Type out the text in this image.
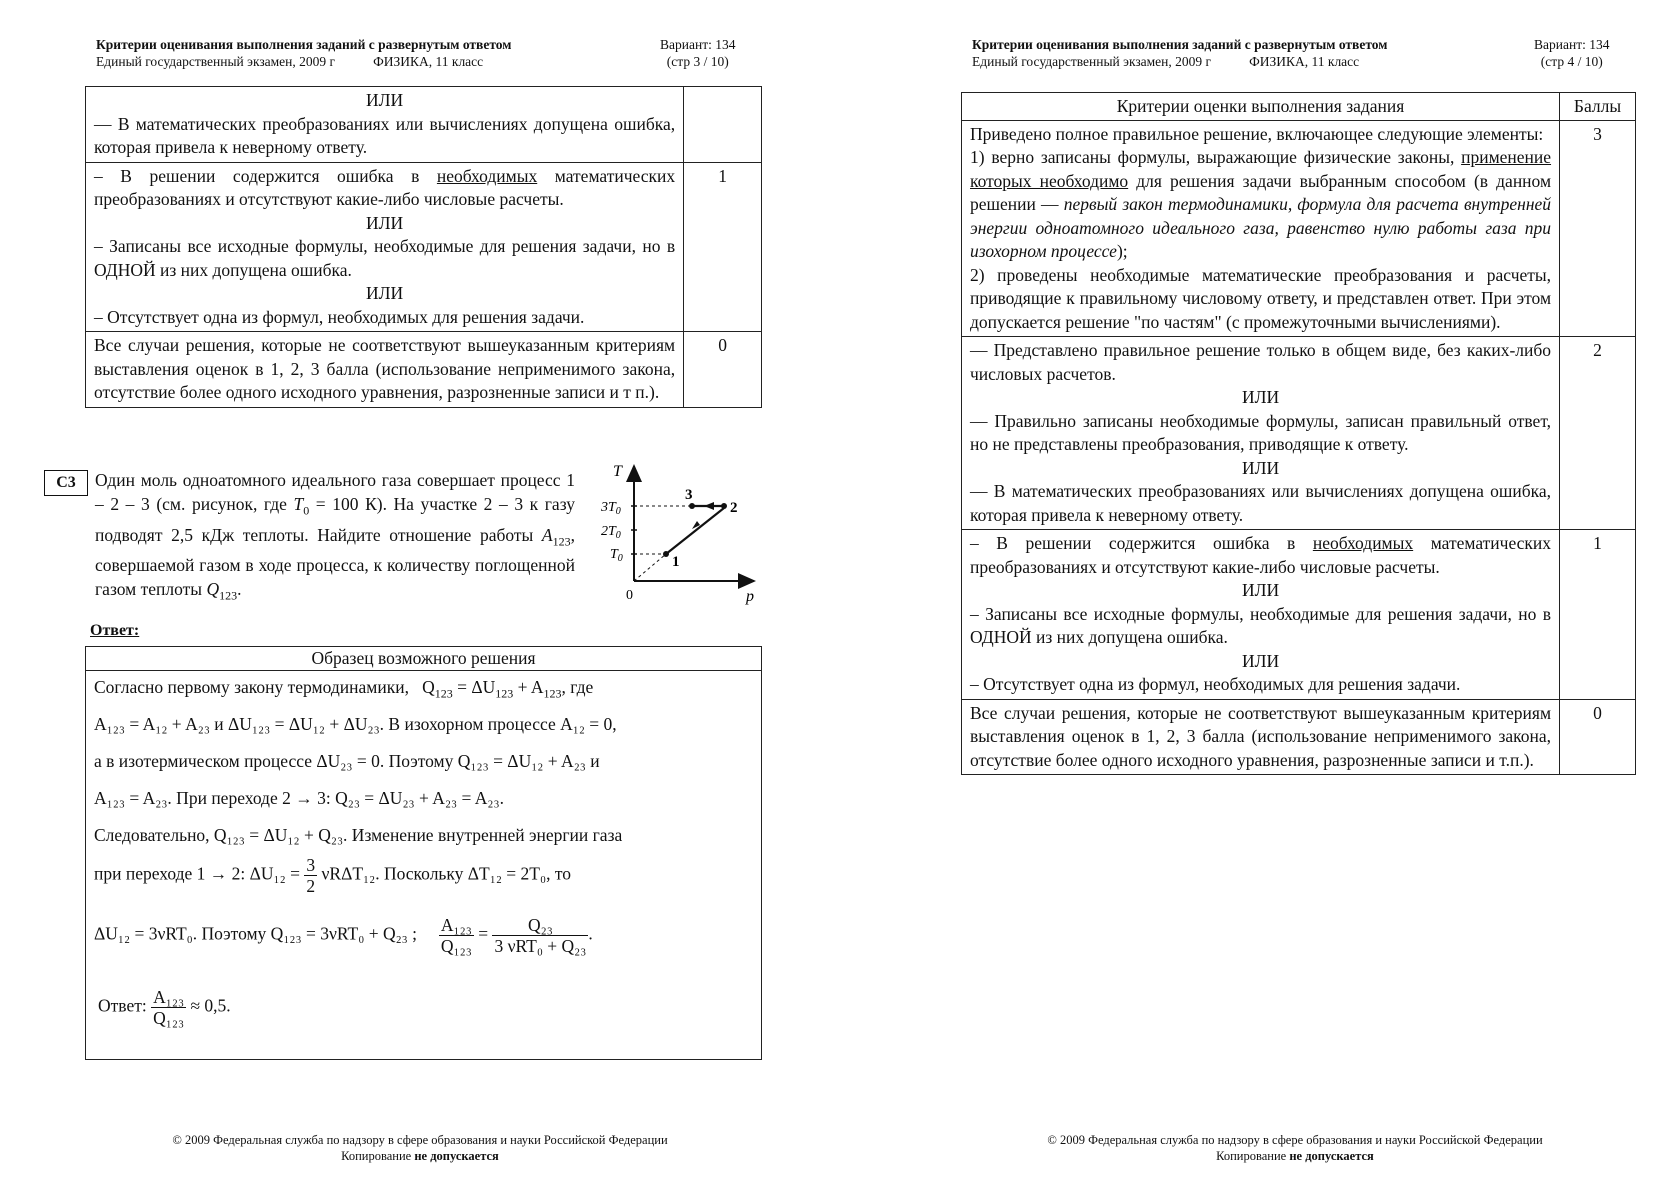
Критерии оценивания выполнения заданий с развернутым ответом
Единый государственный экзамен, 2009 г	ФИЗИКА, 11 класс
Вариант: 134
(стр 3 / 10)
ИЛИ
— В математических преобразованиях или вычислениях допущена ошибка, которая привела к неверному ответу.	

– В решении содержится ошибка в необходимых математических преобразованиях и отсутствуют какие-либо числовые расчеты.
ИЛИ
– Записаны все исходные формулы, необходимые для решения задачи, но в ОДНОЙ из них допущена ошибка.
ИЛИ
– Отсутствует одна из формул, необходимых для решения задачи.	1
Все случаи решения, которые не соответствуют вышеуказанным критериям выставления оценок в 1, 2, 3 балла (использование неприменимого закона, отсутствие более одного исходного уравнения, разрозненные записи и т п.).	0
C3	Один моль одноатомного идеального газа совершает процесс 1 – 2 – 3 (см. рисунок, где $T_0 = 100$ К). На участке 2 – 3 к газу подводят 2,5 кДж теплоты. Найдите отношение работы $A_{123}$, совершаемой газом в ходе процесса, к количеству поглощенной газом теплоты $Q_{123}$.
T
p
0
$3T_0$
$2T_0$
$T_0$	1
2
3
Ответ:
Образец возможного решения
Согласно первому закону термодинамики, $Q_{123} = \Delta U_{123} + A_{123}$, где
A₁₂₃ = A₁₂ + A₂₃ и ΔU₁₂₃ = ΔU₁₂ + ΔU₂₃. В изохорном процессе A₁₂ = 0,
а в изотермическом процессе ΔU₂₃ = 0. Поэтому Q₁₂₃ = ΔU₁₂ + A₂₃ и
A₁₂₃ = A₂₃. При переходе 2 → 3: Q₂₃ = ΔU₂₃ + A₂₃ = A₂₃.
Следовательно, Q₁₂₃ = ΔU₁₂ + Q₂₃. Изменение внутренней энергии газа
при переходе 1 → 2: $\Delta U_{12} = \frac{3}{2} \nu R\Delta T_{12}$. Поскольку ΔT₁₂ = 2T₀, то
ΔU₁₂ = 3νRT₀. Поэтому Q₁₂₃ = 3νRT₀ + Q₂₃ ; $\frac{\text{A₁₂₃}}{\text{Q₁₂₃}} = \frac{\text{Q₂₃}}{\text{3 νRT₀ + Q₂₃}}$ .
Ответ: $\frac{\text{A₁₂₃}}{\text{Q₁₂₃}} \approx 0,5$.
© 2009 Федеральная служба по надзору в сфере образования и науки Российской Федерации
Копирование не допускается
Критерии оценивания выполнения заданий с развернутым ответом
Единый государственный экзамен, 2009 г	ФИЗИКА, 11 класс
Вариант: 134
(стр 4 / 10)
Критерии оценки выполнения задания	Баллы

Приведено полное правильное решение, включающее следующие элементы:
1) верно записаны формулы, выражающие физические законы, применение которых необходимо для решения задачи выбранным способом (в данном решении — первый закон термодинамики, формула для расчета внутренней энергии одноатомного идеального газа, равенство нулю работы газа при изохорном процессе);
2) проведены необходимые математические преобразования и расчеты, приводящие к правильному числовому ответу, и представлен ответ. При этом допускается решение "по частям" (с промежуточными вычислениями).	3

— Представлено правильное решение только в общем виде, без каких-либо числовых расчетов.
ИЛИ
— Правильно записаны необходимые формулы, записан правильный ответ, но не представлены преобразования, приводящие к ответу.
ИЛИ
— В математических преобразованиях или вычислениях допущена ошибка, которая привела к неверному ответу.	2

– В решении содержится ошибка в необходимых математических преобразованиях и отсутствуют какие-либо числовые расчеты.
ИЛИ
– Записаны все исходные формулы, необходимые для решения задачи, но в ОДНОЙ из них допущена ошибка.
ИЛИ
– Отсутствует одна из формул, необходимых для решения задачи.	1
Все случаи решения, которые не соответствуют вышеуказанным критериям выставления оценок в 1, 2, 3 балла (использование неприменимого закона, отсутствие более одного исходного уравнения, разрозненные записи и т.п.).	0
© 2009 Федеральная служба по надзору в сфере образования и науки Российской Федерации
Копирование не допускается
